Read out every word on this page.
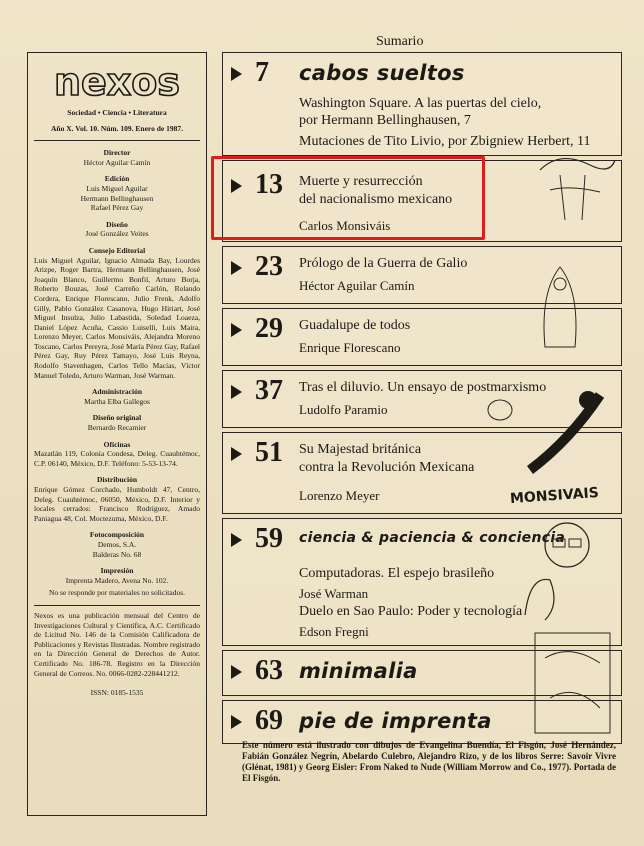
nexos
Sociedad • Ciencia • Literatura
Año X. Vol. 10. Núm. 109. Enero de 1987.
Director
Héctor Aguilar Camín
Edición
Luis Miguel Aguilar
Hermann Bellinghausen
Rafael Pérez Gay
Diseño
José González Veites
Consejo Editorial
Luis Miguel Aguilar, Ignacio Almada Bay, Lourdes Arizpe, Roger Bartra, Hermann Bellinghausen, José Joaquín Blanco, Guillermo Bonfil, Arturo Borja, Roberto Bouzas, José Carreño Carlón, Rolando Cordera, Enrique Florescano, Julio Frenk, Adolfo Gilly, Pablo González Casanova, Hugo Hiriart, José Miguel Insulza, Julio Labastida, Soledad Loaeza, Daniel López Acuña, Cassio Luiselli, Luis Maira, Lorenzo Meyer, Carlos Monsiváis, Alejandra Moreno Toscano, Carlos Pereyra, José María Pérez Gay, Rafael Pérez Gay, Ruy Pérez Tamayo, José Luis Reyna, Rodolfo Stavenhagen, Carlos Tello Macías, Víctor Manuel Toledo, Arturo Warman, José Warman.
Administración
Martha Elba Gallegos
Diseño original
Bernardo Recamier
Oficinas
Mazatlán 119, Colonia Condesa, Deleg. Cuauhtémoc, C.P. 06140, México, D.F. Teléfono: 5-53-13-74.
Distribución
Enrique Gómez Corchado, Humboldt 47, Centro, Deleg. Cuauhtémoc, 06050, México, D.F. Interior y locales cerrados: Francisco Rodríguez, Amado Paniagua 48, Col. Moctezuma, México, D.F.
Fotocomposición
Demos, S.A.
Balderas No. 68
Impresión
Imprenta Madero, Avena No. 102.
No se responde por materiales no solicitados.
Nexos es una publicación mensual del Centro de Investigaciones Cultural y Científica, A.C. Certificado de Licitud No. 146 de la Comisión Calificadora de Publicaciones y Revistas Ilustradas. Nombre registrado en la Dirección General de Derechos de Autor. Certificado No. 186-78. Registro en la Dirección General de Correos. No. 0066-0282-228441212.
ISSN: 0185-1535
Sumario
7 cabos sueltos
Washington Square. A las puertas del cielo,
por Hermann Bellinghausen, 7
Mutaciones de Tito Livio, por Zbigniew Herbert, 11
13 Muerte y resurrección
del nacionalismo mexicano
Carlos Monsiváis
23 Prólogo de la Guerra de Galio
Héctor Aguilar Camín
29 Guadalupe de todos
Enrique Florescano
37 Tras el diluvio. Un ensayo de postmarxismo
Ludolfo Paramio
51 Su Majestad británica
contra la Revolución Mexicana
Lorenzo Meyer
59 ciencia & paciencia & conciencia
Computadoras. El espejo brasileño
José Warman
Duelo en Sao Paulo: Poder y tecnología
Edson Fregni
63 minimalia
69 pie de imprenta
MONSIVAIS
Este número está ilustrado con dibujos de Evangelina Buendía, El Fisgón, José Hernández, Fabián González Negrín, Abelardo Culebro, Alejandro Rizo, y de los libros Serre: Savoir Vivre (Glénat, 1981) y Georg Eisler: From Naked to Nude (William Morrow and Co., 1977). Portada de El Fisgón.
